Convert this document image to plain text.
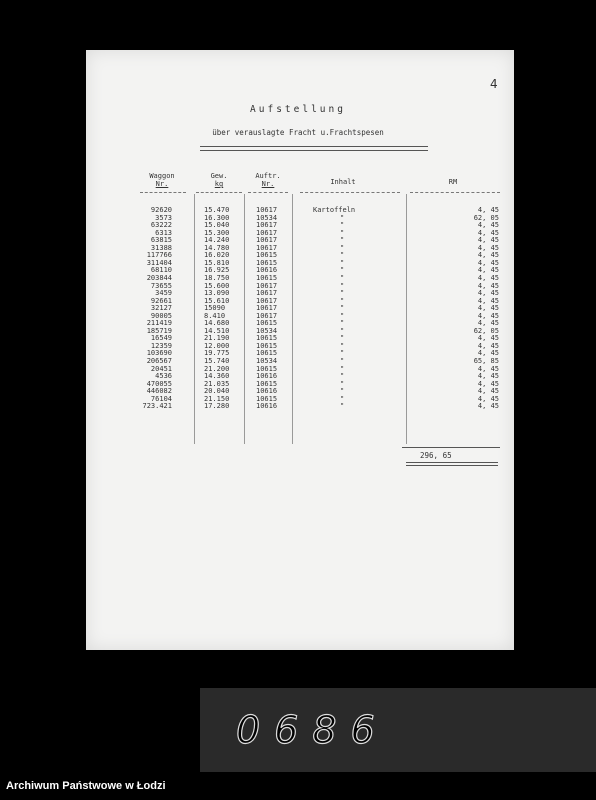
4
Aufstellung
über verauslagte Fracht u.Frachtspesen
Waggon
Nr.
Gew.
kg
Auftr.
Nr.	Inhalt	RM
92620	15.470	10617	Kartoffeln	4, 45
3573	16.300	10534	"	62, 05
63222	15.040	10617	"	4, 45
6313	15.300	10617	"	4, 45
63815	14.240	10617	"	4, 45
31388	14.780	10617	"	4, 45
117766	16.020	10615	"	4, 45
311404	15.810	10615	"	4, 45
68110	16.925	10616	"	4, 45
203844	18.750	10615	"	4, 45
73655	15.600	10617	"	4, 45
3459	13.090	10617	"	4, 45
92661	15.610	10617	"	4, 45
32127	15090	10617	"	4, 45
90005	8.410	10617	"	4, 45
211419	14.680	10615	"	4, 45
185719	14.510	10534	"	62, 05
16549	21.190	10615	"	4, 45
12359	12.000	10615	"	4, 45
103690	19.775	10615	"	4, 45
206567	15.740	10534	"	65, 85
20451	21.200	10615	"	4, 45
4536	14.360	10616	"	4, 45
470055	21.035	10615	"	4, 45
446082	20.040	10616	"	4, 45
76104	21.150	10615	"	4, 45
723.421	17.280	10616	"	4, 45
296, 65
0686
Archiwum Państwowe w Łodzi
